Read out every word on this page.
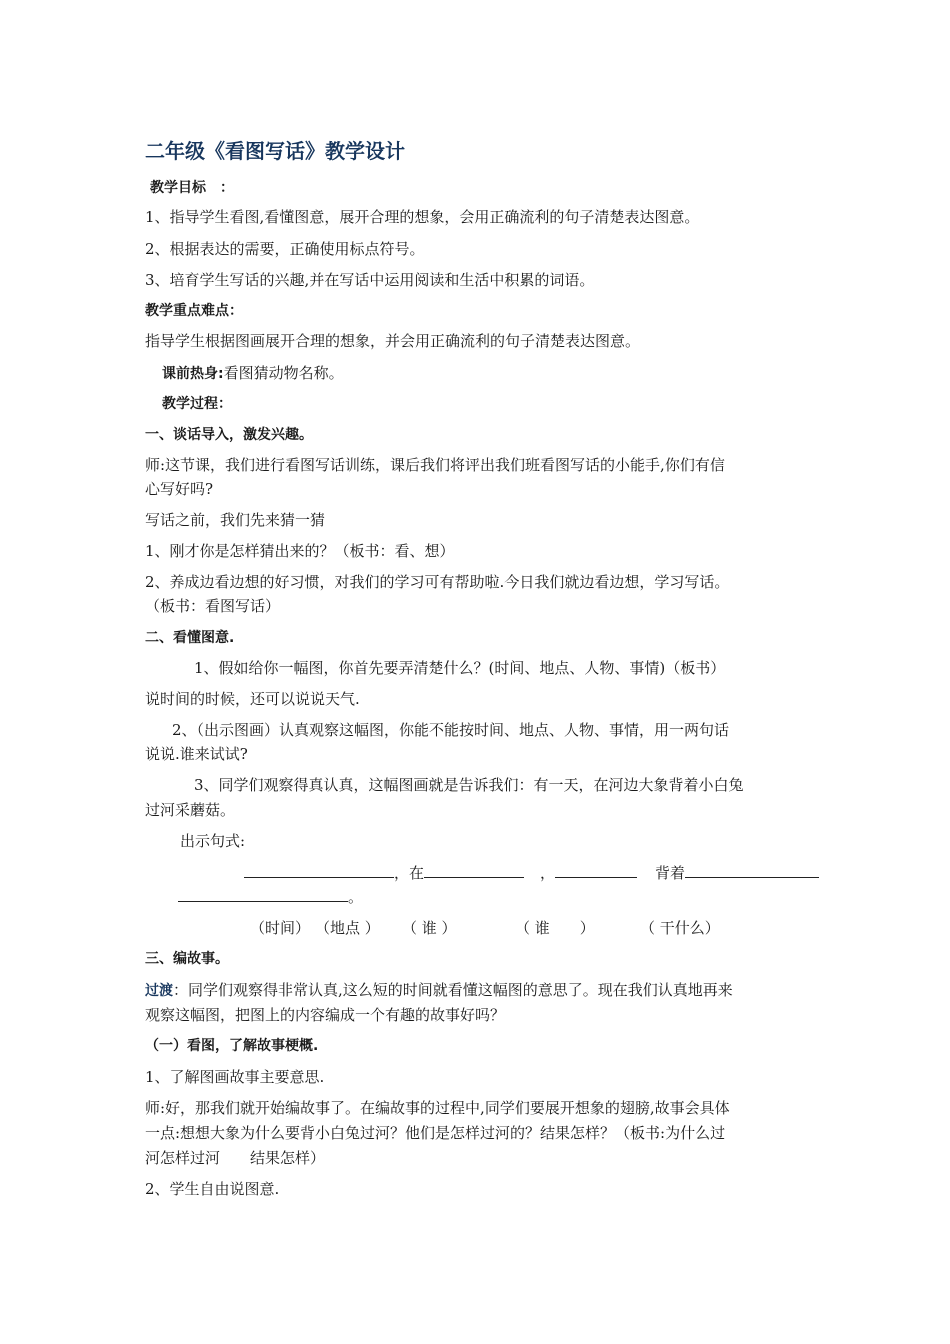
二年级《看图写话》教学设计

教学目标　：

1、指导学生看图,看懂图意，展开合理的想象，会用正确流利的句子清楚表达图意。

2、根据表达的需要，正确使用标点符号。

3、培育学生写话的兴趣,并在写话中运用阅读和生活中积累的词语。

教学重点难点：

指导学生根据图画展开合理的想象，并会用正确流利的句子清楚表达图意。

课前热身:看图猜动物名称。

教学过程：

一、谈话导入，激发兴趣。

师:这节课，我们进行看图写话训练，课后我们将评出我们班看图写话的小能手,你们有信

心写好吗?

写话之前，我们先来猜一猜

1、刚才你是怎样猜出来的？（板书：看、想）

2、养成边看边想的好习惯，对我们的学习可有帮助啦.今日我们就边看边想，学习写话。

（板书：看图写话）

二、看懂图意.

1、假如给你一幅图，你首先要弄清楚什么？(时间、地点、人物、事情)（板书）

说时间的时候，还可以说说天气.

2、（出示图画）认真观察这幅图，你能不能按时间、地点、人物、事情，用一两句话

说说.谁来试试?

3、同学们观察得真认真，这幅图画就是告诉我们：有一天，在河边大象背着小白兔

过河采蘑菇。

出示句式:

，在	，	背着

。

（时间） （地点 ） （ 谁 ）	（ 谁　　）	（ 干什么）

三、编故事。

过渡：同学们观察得非常认真,这么短的时间就看懂这幅图的意思了。现在我们认真地再来

观察这幅图，把图上的内容编成一个有趣的故事好吗？

（一）看图，了解故事梗概.

1、了解图画故事主要意思.

师:好，那我们就开始编故事了。在编故事的过程中,同学们要展开想象的翅膀,故事会具体

一点:想想大象为什么要背小白兔过河？他们是怎样过河的？结果怎样？（板书:为什么过

河怎样过河　　结果怎样）

2、学生自由说图意.
